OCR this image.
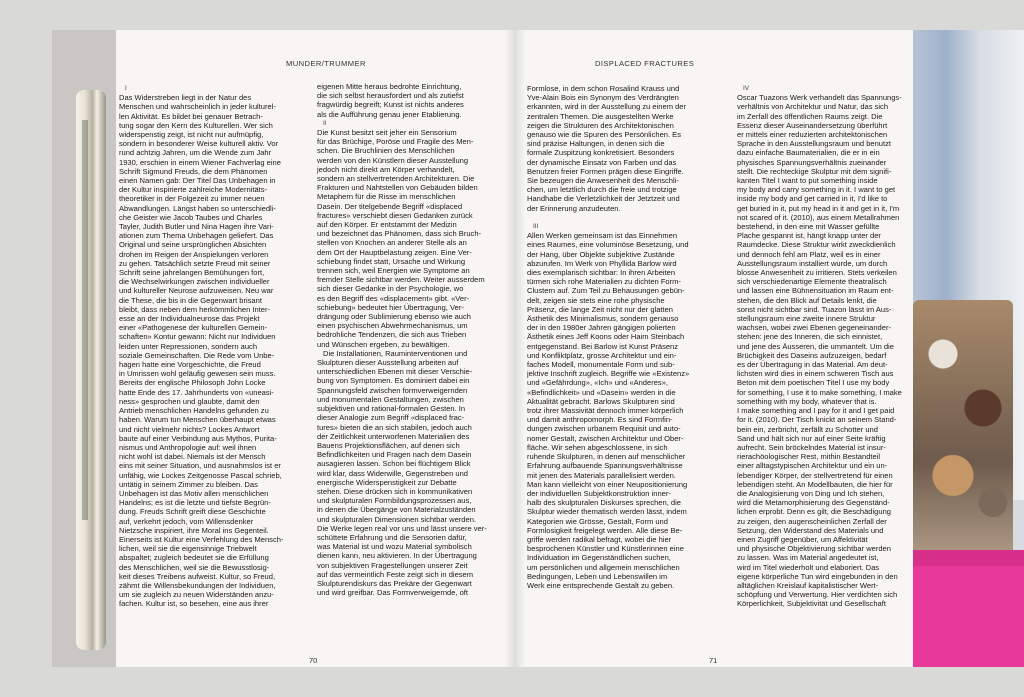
MUNDER/TRUMMER
I

Das Widerstreben liegt in der Natur des

Menschen und wahrscheinlich in jeder kulturel-

len Aktivität. Es bildet bei genauer Betrach-

tung sogar den Kern des Kulturellen. Wer sich

widerspenstig zeigt, ist nicht nur aufmüpfig,

sondern in besonderer Weise kulturell aktiv. Vor

rund achtzig Jahren, um die Wende zum Jahr

1930, erschien in einem Wiener Fachverlag eine

Schrift Sigmund Freuds, die dem Phänomen

einen Namen gab: Der Titel Das Unbehagen in

der Kultur inspirierte zahlreiche Modernitäts-

theoretiker in der Folgezeit zu immer neuen

Abwandlungen. Längst haben so unterschiedli-

che Geister wie Jacob Taubes und Charles

Tayler, Judith Butler und Nina Hagen ihre Vari-

ationen zum Thema Unbehagen geliefert. Das

Original und seine ursprünglichen Absichten

drohen im Reigen der Anspielungen verloren

zu gehen. Tatsächlich setzte Freud mit seiner

Schrift seine jahrelangen Bemühungen fort,

die Wechselwirkungen zwischen individueller

und kultureller Neurose aufzuweisen. Neu war

die These, die bis in die Gegenwart brisant

bleibt, dass neben dem herkömmlichen Inter-

esse an der Individualneurose das Projekt

einer «Pathogenese der kulturellen Gemein-

schaften» Kontur gewann: Nicht nur Individuen

leiden unter Repressionen, sondern auch

soziale Gemeinschaften. Die Rede vom Unbe-

hagen hatte eine Vorgeschichte, die Freud

in Umrissen wohl geläufig gewesen sein muss.

Bereits der englische Philosoph John Locke

hatte Ende des 17. Jahrhunderts von «uneasi-

ness» gesprochen und glaubte, damit den

Antrieb menschlichen Handelns gefunden zu

haben. Warum tun Menschen überhaupt etwas

und nicht vielmehr nichts? Lockes Antwort

baute auf einer Verbindung aus Mythos, Purita-

nismus und Anthropologie auf: weil ihnen

nicht wohl ist dabei. Niemals ist der Mensch

eins mit seiner Situation, und ausnahmslos ist er

unfähig, wie Lockes Zeitgenosse Pascal schrieb,

untätig in seinem Zimmer zu bleiben. Das

Unbehagen ist das Motiv allen menschlichen

Handelns; es ist die letzte und tiefste Begrün-

dung. Freuds Schrift greift diese Geschichte

auf, verkehrt jedoch, vom Willensdenker

Nietzsche inspiriert, ihre Moral ins Gegenteil.

Einerseits ist Kultur eine Verfehlung des Mensch-

lichen, weil sie die eigensinnige Triebwelt

abspaltet; zugleich bedeutet sie die Erfüllung

des Menschlichen, weil sie die Bewusstlosig-

keit dieses Treibens aufweist. Kultur, so Freud,

zähmt die Willensbekundungen der Individuen,

um sie zugleich zu neuen Widerständen anzu-

fachen. Kultur ist, so besehen, eine aus ihrer

eigenen Mitte heraus bedrohte Einrichtung,

die sich selbst herausfordert und als zutiefst

fragwürdig begreift; Kunst ist nichts anderes

als die Aufführung genau jener Etablierung.

II

Die Kunst besitzt seit jeher ein Sensorium

für das Brüchige, Poröse und Fragile des Men-

schen. Die Bruchlinien des Menschlichen

werden von den Künstlern dieser Ausstellung

jedoch nicht direkt am Körper verhandelt,

sondern an stellvertretenden Architekturen. Die

Frakturen und Nahtstellen von Gebäuden bilden

Metaphern für die Risse im menschlichen

Dasein. Der titelgebende Begriff «displaced

fractures» verschiebt diesen Gedanken zurück

auf den Körper. Er entstammt der Medizin

und bezeichnet das Phänomen, dass sich Bruch-

stellen von Knochen an anderer Stelle als an

dem Ort der Hauptbelastung zeigen. Eine Ver-

schiebung findet statt, Ursache und Wirkung

trennen sich, weil Energien wie Symptome an

fremder Stelle sichtbar werden. Weiter ausserdem

sich dieser Gedanke in der Psychologie, wo

es den Begriff des «displacement» gibt. «Ver-

schiebung» bedeutet hier Übertragung, Ver-

drängung oder Sublimierung ebenso wie auch

einen psychischen Abwehrmechanismus, um

bedrohliche Tendenzen, die sich aus Trieben

und Wünschen ergeben, zu bewältigen.

Die Installationen, Rauminterventionen und

Skulpturen dieser Ausstellung arbeiten auf

unterschiedlichen Ebenen mit dieser Verschie-

bung von Symptomen. Es dominiert dabei ein

Spannungsfeld zwischen formverweigernden

und monumentalen Gestaltungen, zwischen

subjektiven und rational-formalen Gesten. In

dieser Analogie zum Begriff «displaced frac-

tures» bieten die an sich stabilen, jedoch auch

der Zeitlichkeit unterworfenen Materialien des

Bauens Projektionsflächen, auf denen sich

Befindlichkeiten und Fragen nach dem Dasein

ausagieren lassen. Schon bei flüchtigem Blick

wird klar, dass Widerwille, Gegenstreben und

energische Widerspenstigkeit zur Debatte

stehen. Diese drücken sich in kommunikativen

und skulpturalen Formbildungsprozessen aus,

in denen die Übergänge von Materialzuständen

und skulpturalen Dimensionen sichtbar werden.

Die Werke legen real vor uns und lässt unsere ver-

schüttete Erfahrung und die Sensorien dafür,

was Material ist und wozu Material symbolisch

dienen kann, neu aktivieren. In der Übertragung

von subjektiven Fragestellungen unserer Zeit

auf das vermeintlich Feste zeigt sich in diesem

Skulpturendiskurs das Prekäre der Gegenwart

und wird greifbar. Das Formverweigernde, oft

70
DISPLACED FRACTURES

Formlose, in dem schon Rosalind Krauss und

Yve-Alain Bois ein Synonym des Verdrängten

erkannten, wird in der Ausstellung zu einem der

zentralen Themen. Die ausgestellten Werke

zeigen die Strukturen des Architektonischen

genauso wie die Spuren des Persönlichen. Es

sind präzise Haltungen, in denen sich die

formale Zuspitzung konkretisiert. Besonders

der dynamische Einsatz von Farben und das

Benutzen freier Formen prägen diese Eingriffe.

Sie bezeugen die Anwesenheit des Menschli-

chen, um letztlich durch die freie und trotzige

Handhabe die Verletzlichkeit der Jetztzeit und

der Erinnerung anzudeuten.

III

Allen Werken gemeinsam ist das Einnehmen

eines Raumes, eine voluminöse Besetzung, und

der Hang, über Objekte subjektive Zustände

abzurufen. Im Werk von Phyllida Barlow wird

dies exemplarisch sichtbar: In ihren Arbeiten

türmen sich rohe Materialien zu dichten Form-

Clustern auf. Zum Teil zu Behausungen gebün-

delt, zeigen sie stets eine rohe physische

Präsenz, die lange Zeit nicht nur der glatten

Ästhetik des Minimalismus, sondern genauso

der in den 1980er Jahren gängigen polierten

Ästhetik eines Jeff Koons oder Haim Steinbach

entgegenstand. Bei Barlow ist Kunst Präsenz

und Konfliktplatz, grosse Architektur und ein-

faches Modell, monumentale Form und sub-

jektive Inschrift zugleich. Begriffe wie «Existenz»

und «Gefährdung», «Ich» und «Anderes»,

«Befindlichkeit» und «Dasein» werden in die

Aktualität gebracht. Barlows Skulpturen sind

trotz ihrer Massivität dennoch immer körperlich

und damit anthropomorph. Es sind Formfin-

dungen zwischen urbanem Requisit und auto-

nomer Gestalt, zwischen Architektur und Ober-

fläche. Wir sehen abgeschlossene, in sich

ruhende Skulpturen, in denen auf menschlicher

Erfahrung aufbauende Spannungsverhältnisse

mit jenen des Materials parallelisiert werden.

Man kann vielleicht von einer Neupositionierung

der individuellen Subjektkonstruktion inner-

halb des skulpturalen Diskurses sprechen, die

Skulptur wieder thematisch werden lässt, indem

Kategorien wie Grösse, Gestalt, Form und

Formlosigkeit freigelegt werden. Alle diese Be-

griffe werden radikal befragt, wobei die hier

besprochenen Künstler und Künstlerinnen eine

Individuation im Gegenständlichen suchen,

um persönlichen und allgemein menschlichen

Bedingungen, Leben und Lebenswillen im

Werk eine entsprechende Gestalt zu geben.

IV

Oscar Tuazons Werk verhandelt das Spannungs-

verhältnis von Architektur und Natur, das sich

im Zerfall des öffentlichen Raums zeigt. Die

Essenz dieser Auseinandersetzung überführt

er mittels einer reduzierten architektonischen

Sprache in den Ausstellungsraum und benutzt

dazu einfache Baumaterialien, die er in ein

physisches Spannungsverhältnis zueinander

stellt. Die rechteckige Skulptur mit dem signifi-

kanten Titel I want to put something inside

my body and carry something in it. I want to get

inside my body and get carried in it, I'd like to

get buried in it, put my head in it and get in it, I'm

not scared of it. (2010), aus einem Metallrahmen

bestehend, in den eine mit Wasser gefüllte

Plache gespannt ist, hängt knapp unter der

Raumdecke. Diese Struktur wirkt zweckdienlich

und dennoch fehl am Platz, weil es in einer

Ausstellungsraum installiert wurde, um durch

blosse Anwesenheit zu irritieren. Stets verkeilen

sich verschiedenartige Elemente theatralisch

und lassen eine Bühnensituation im Raum ent-

stehen, die den Blick auf Details lenkt, die

sonst nicht sichtbar sind. Tuazon lässt im Aus-

stellungsraum eine zweite innere Struktur

wachsen, wobei zwei Ebenen gegeneinander-

stehen: jene des Inneren, die sich einnistet,

und jene des Äusseren, die ummantelt. Um die

Brüchigkeit des Daseins aufzuzeigen, bedarf

es der Übertragung in das Material. Am deut-

lichsten wird dies in einem schweren Tisch aus

Beton mit dem poetischen Titel I use my body

for something, I use it to make something, I make

something with my body, whatever that is.

I make something and I pay for it and I get paid

for it. (2010). Der Tisch knickt an seinem Stand-

bein ein, zerbricht, zerfällt zu Schotter und

Sand und hält sich nur auf einer Seite kräftig

aufrecht. Sein bröckelndes Material ist insur-

rierachöologischer Rest, mithin Bestandteil

einer alltagstypischen Architektur und ein un-

lebendiger Körper, der stellvertretend für einen

lebendigen steht. An Modellbauten, die hier für

die Analogisierung von Ding und Ich stehen,

wird die Metamorphisierung des Gegenständ-

lichen erprobt. Denn es gilt, die Beschädigung

zu zeigen, den augenscheinlichen Zerfall der

Setzung, den Widerstand des Materials und

einen Zugriff gegenüber, um Affektivität

und physische Objektivierung sichtbar werden

zu lassen. Was im Material angedeutet ist,

wird im Titel wiederholt und elaboriert. Das

eigene körperliche Tun wird eingebunden in den

alltäglichen Kreislauf kapitalistischer Wert-

schöpfung und Verwertung. Hier verdichten sich

Körperlichkeit, Subjektivität und Gesellschaft

71
